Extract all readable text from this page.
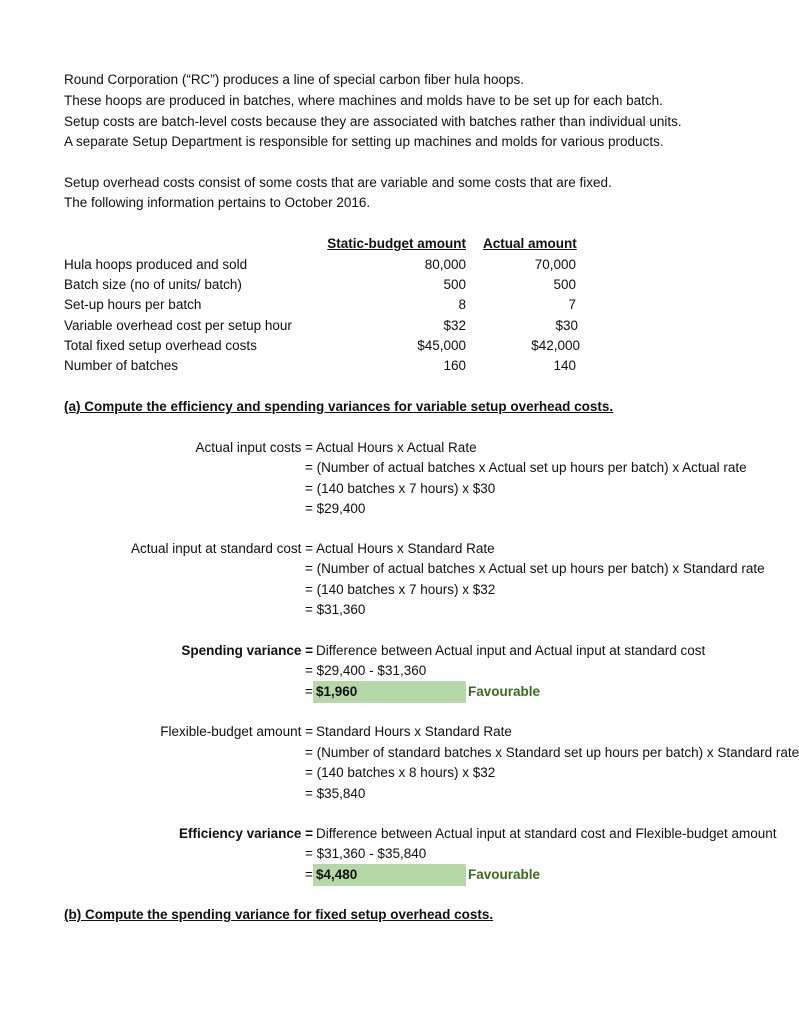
Round Corporation (“RC”) produces a line of special carbon fiber hula hoops.
These hoops are produced in batches, where machines and molds have to be set up for each batch.
Setup costs are batch-level costs because they are associated with batches rather than individual units.
A separate Setup Department is responsible for setting up machines and molds for various products.
Setup overhead costs consist of some costs that are variable and some costs that are fixed.
The following information pertains to October 2016.
Static-budget amount Actual amount
Hula hoops produced and sold	80,000	70,000
Batch size (no of units/ batch)	500	500
Set-up hours per batch	8	7
Variable overhead cost per setup hour	$32	$30
Total fixed setup overhead costs	$45,000	$42,000
Number of batches	160	140
(a) Compute the efficiency and spending variances for variable setup overhead costs.
Actual input costs = Actual Hours x Actual Rate
= (Number of actual batches x Actual set up hours per batch) x Actual rate
= (140 batches x 7 hours) x $30
= $29,400
Actual input at standard cost = Actual Hours x Standard Rate
= (Number of actual batches x Actual set up hours per batch) x Standard rate
= (140 batches x 7 hours) x $32
= $31,360
Spending variance = Difference between Actual input and Actual input at standard cost
= $29,400 - $31,360
= $1,960	Favourable
Flexible-budget amount = Standard Hours x Standard Rate
= (Number of standard batches x Standard set up hours per batch) x Standard rate
= (140 batches x 8 hours) x $32
= $35,840
Efficiency variance = Difference between Actual input at standard cost and Flexible-budget amount
= $31,360 - $35,840
= $4,480	Favourable
(b) Compute the spending variance for fixed setup overhead costs.
